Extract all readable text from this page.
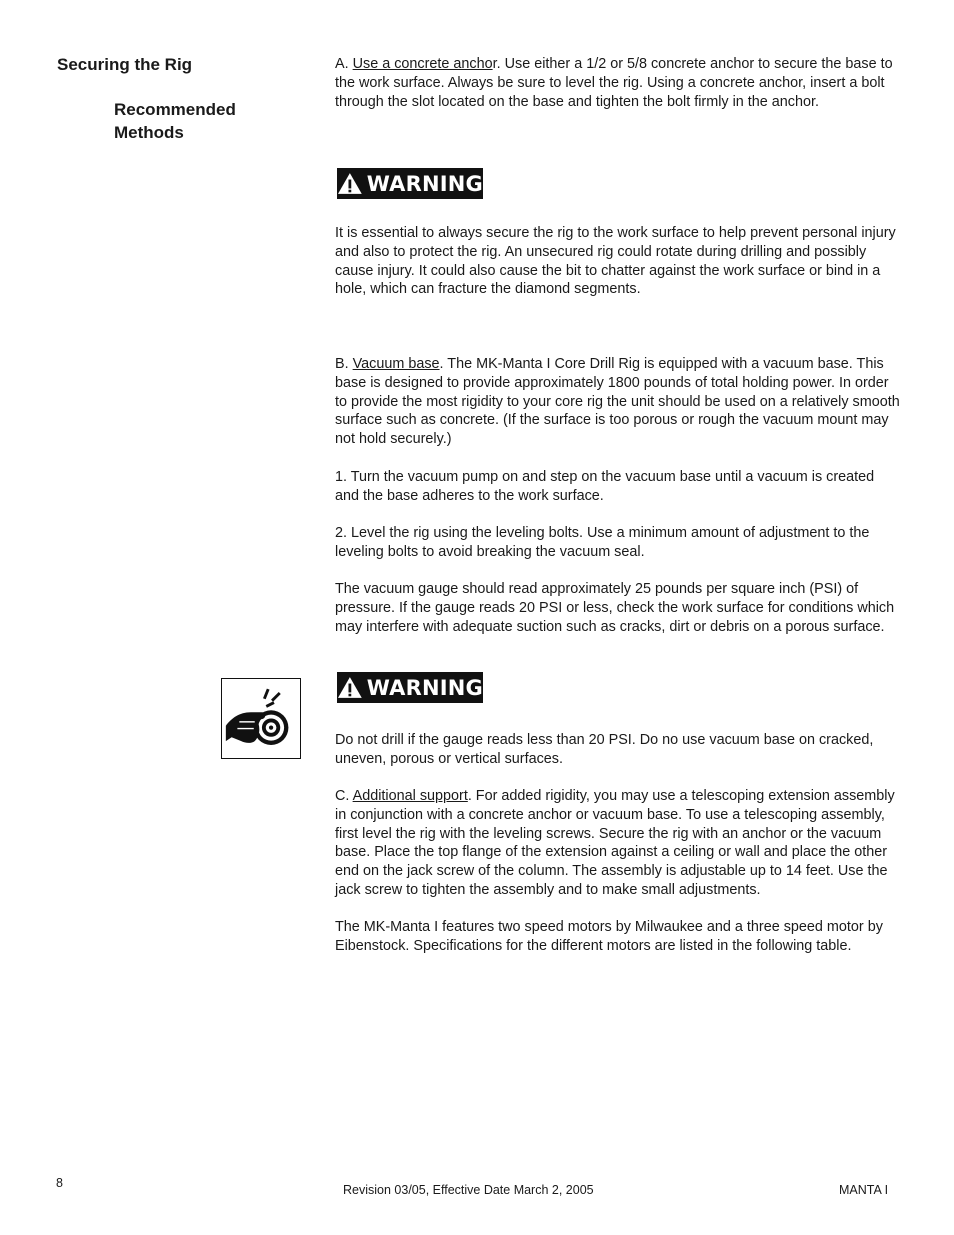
Securing the Rig
Recommended
Methods

A. Use a concrete anchor. Use either a 1/2 or 5/8 concrete anchor to secure the base to the work surface. Always be sure to level the rig. Using a concrete anchor, insert a bolt through the slot located on the base and tighten the bolt firmly in the anchor.

WARNING

It is essential to always secure the rig to the work surface to help prevent personal injury and also to protect the rig. An unsecured rig could rotate during drilling and possibly cause injury. It could also cause the bit to chatter against the work surface or bind in a hole, which can fracture the diamond segments.

B. Vacuum base. The MK-Manta I Core Drill Rig is equipped with a vacuum base. This base is designed to provide approximately 1800 pounds of total holding power. In order to provide the most rigidity to your core rig the unit should be used on a relatively smooth surface such as concrete. (If the surface is too porous or rough the vacuum mount may not hold securely.)

1. Turn the vacuum pump on and step on the vacuum base until a vacuum is created and the base adheres to the work surface.

2. Level the rig using the leveling bolts. Use a minimum amount of adjustment to the leveling bolts to avoid breaking the vacuum seal.

The vacuum gauge should read approximately 25 pounds per square inch (PSI) of pressure. If the gauge reads 20 PSI or less, check the work surface for conditions which may interfere with adequate suction such as cracks, dirt or debris on a porous surface.

WARNING

Do not drill if the gauge reads less than 20 PSI. Do no use vacuum base on cracked, uneven, porous or vertical surfaces.

C. Additional support. For added rigidity, you may use a telescoping extension assembly in conjunction with a concrete anchor or vacuum base. To use a telescoping assembly, first level the rig with the leveling screws. Secure the rig with an anchor or the vacuum base. Place the top flange of the extension against a ceiling or wall and place the other end on the jack screw of the column. The assembly is adjustable up to 14 feet. Use the jack screw to tighten the assembly and to make small adjustments.

The MK-Manta I features two speed motors by Milwaukee and a three speed motor by Eibenstock. Specifications for the different motors are listed in the following table.

8	Revision 03/05, Effective Date March 2, 2005	MANTA I
